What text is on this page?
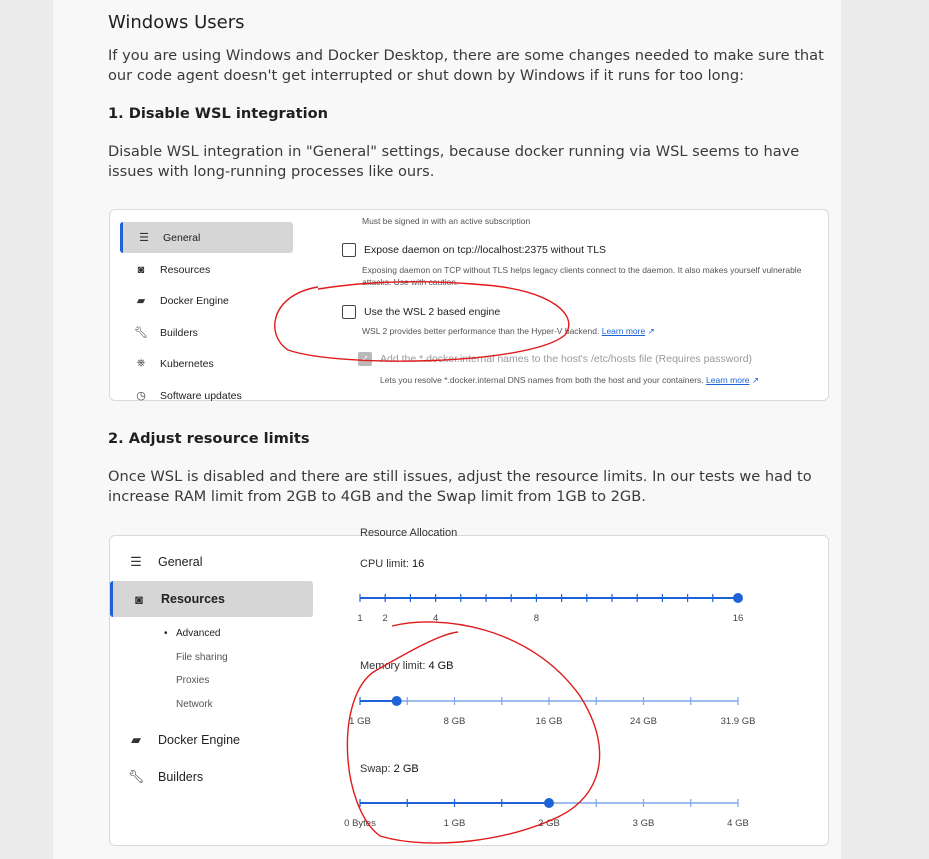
Windows Users

If you are using Windows and Docker Desktop, there are some changes needed to make sure that our code agent doesn't get interrupted or shut down by Windows if it runs for too long:

1. Disable WSL integration

Disable WSL integration in "General" settings, because docker running via WSL seems to have issues with long-running processes like ours.

☰ General
◙	Resources
▰ Docker Engine
🔧︎ Builders
⎈ Kubernetes
◷ Software updates
Must be signed in with an active subscription
Expose daemon on tcp://localhost:2375 without TLS
Exposing daemon on TCP without TLS helps legacy clients connect to the daemon. It also makes yourself vulnerable
attacks. Use with caution.
Use the WSL 2 based engine
WSL 2 provides better performance than the Hyper-V backend. Learn more ↗
✓ Add the *.docker.internal names to the host's /etc/hosts file (Requires password)
Lets you resolve *.docker.internal DNS names from both the host and your containers. Learn more ↗
2. Adjust resource limits

Once WSL is disabled and there are still issues, adjust the resource limits. In our tests we had to increase RAM limit from 2GB to 4GB and the Swap limit from 1GB to 2GB.

Resource Allocation
☰ General
◙	Resources
• Advanced
File sharing
Proxies
Network
▰ Docker Engine
🔧︎ Builders
CPU limit: 16
Memory limit: 4 GB
Swap: 2 GB
1 2	4	8	16
1 GB	8 GB	16 GB	24 GB	31.9 GB
0 Bytes	1 GB	2 GB	3 GB	4 GB
